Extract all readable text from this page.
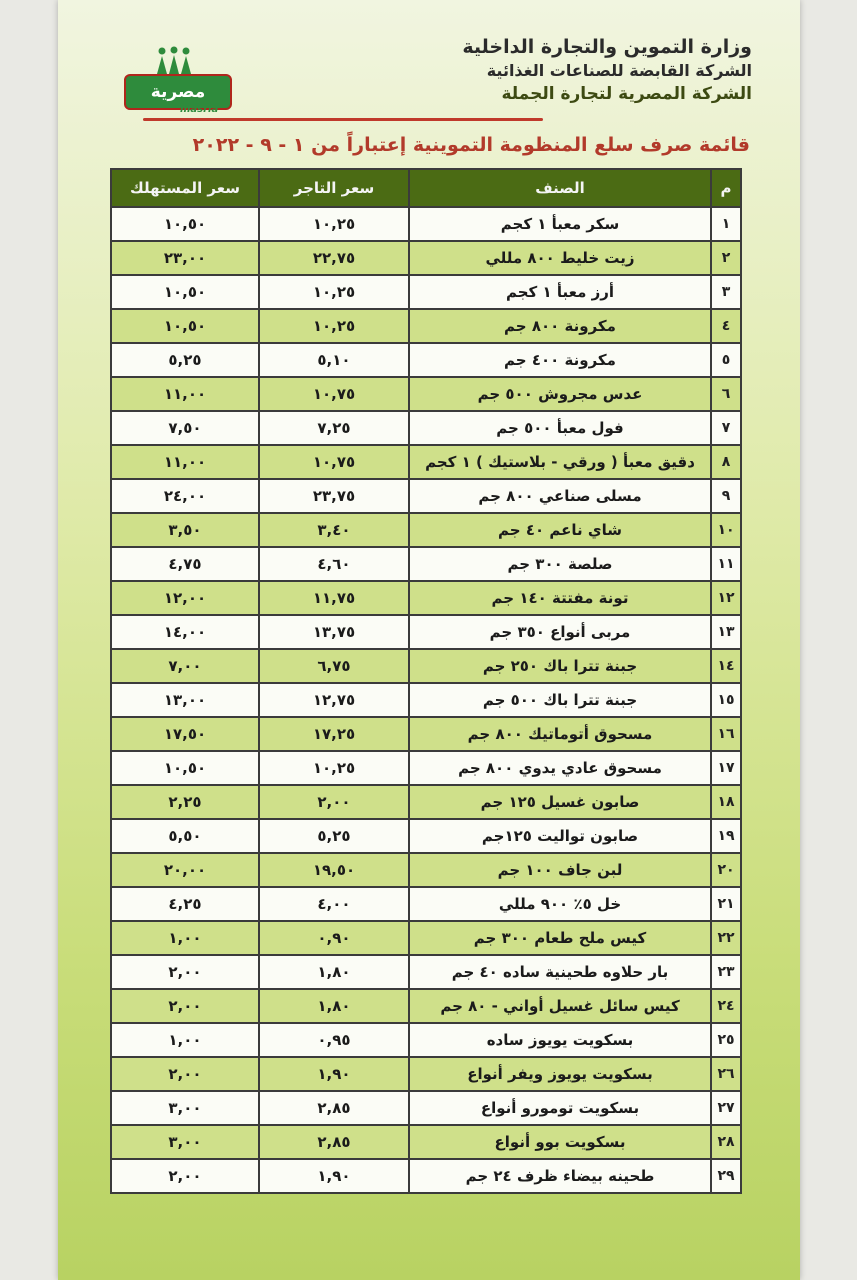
مصرية
masria
وزارة التموين والتجارة الداخلية
الشركة القابضة للصناعات الغذائية
الشركة المصرية لتجارة الجملة
قائمة صرف سلع المنظومة التموينية إعتباراً من ١ - ٩ - ٢٠٢٢
م	الصنف	سعر التاجر	سعر المستهلك
١	سكر معبأ ١ كجم	١٠,٢٥	١٠,٥٠
٢	زيت خليط ٨٠٠ مللي	٢٢,٧٥	٢٣,٠٠
٣	أرز معبأ ١ كجم	١٠,٢٥	١٠,٥٠
٤	مكرونة ٨٠٠ جم	١٠,٢٥	١٠,٥٠
٥	مكرونة ٤٠٠ جم	٥,١٠	٥,٢٥
٦	عدس مجروش ٥٠٠ جم	١٠,٧٥	١١,٠٠
٧	فول معبأ ٥٠٠ جم	٧,٢٥	٧,٥٠
٨	دقيق معبأ ( ورقي - بلاستيك ) ١ كجم	١٠,٧٥	١١,٠٠
٩	مسلى صناعي ٨٠٠ جم	٢٣,٧٥	٢٤,٠٠
١٠	شاي ناعم ٤٠ جم	٣,٤٠	٣,٥٠
١١	صلصة ٣٠٠ جم	٤,٦٠	٤,٧٥
١٢	تونة مفتتة ١٤٠ جم	١١,٧٥	١٢,٠٠
١٣	مربى أنواع ٣٥٠ جم	١٣,٧٥	١٤,٠٠
١٤	جبنة تترا باك ٢٥٠ جم	٦,٧٥	٧,٠٠
١٥	جبنة تترا باك ٥٠٠ جم	١٢,٧٥	١٣,٠٠
١٦	مسحوق أتوماتيك ٨٠٠ جم	١٧,٢٥	١٧,٥٠
١٧	مسحوق عادي يدوي ٨٠٠ جم	١٠,٢٥	١٠,٥٠
١٨	صابون غسيل ١٢٥ جم	٢,٠٠	٢,٢٥
١٩	صابون تواليت ١٢٥جم	٥,٢٥	٥,٥٠
٢٠	لبن جاف ١٠٠ جم	١٩,٥٠	٢٠,٠٠
٢١	خل ٥٪ ٩٠٠ مللي	٤,٠٠	٤,٢٥
٢٢	كيس ملح طعام ٣٠٠ جم	٠,٩٠	١,٠٠
٢٣	بار حلاوه طحينية ساده ٤٠ جم	١,٨٠	٢,٠٠
٢٤	كيس سائل غسيل أواني - ٨٠ جم	١,٨٠	٢,٠٠
٢٥	بسكويت يويوز ساده	٠,٩٥	١,٠٠
٢٦	بسكويت يويوز ويفر أنواع	١,٩٠	٢,٠٠
٢٧	بسكويت تومورو أنواع	٢,٨٥	٣,٠٠
٢٨	بسكويت بوو أنواع	٢,٨٥	٣,٠٠
٢٩	طحينه بيضاء ظرف ٢٤ جم	١,٩٠	٢,٠٠
